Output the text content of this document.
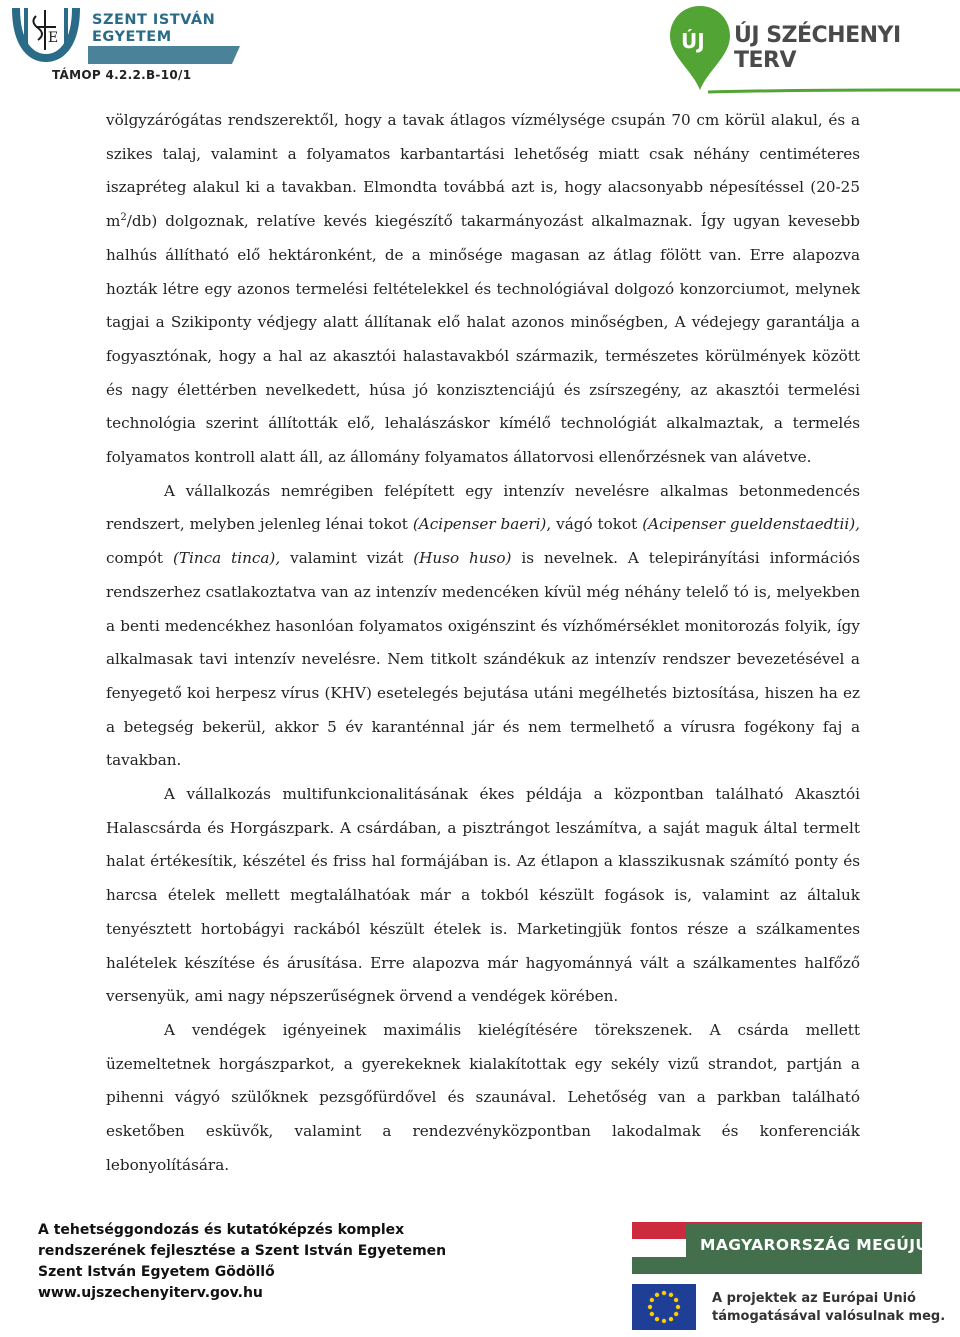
E
SZENT ISTVÁN
EGYETEM
TÁMOP 4.2.2.B-10/1
ÚJ ÚJ SZÉCHENYI TERV

völgyzárógátas rendszerektől, hogy a tavak átlagos vízmélysége csupán 70 cm körül alakul, és a szikes talaj, valamint a folyamatos karbantartási lehetőség miatt csak néhány centiméteres iszapréteg alakul ki a tavakban. Elmondta továbbá azt is, hogy alacsonyabb népesítéssel (20-25 $m^2/db$) dolgoznak, relatíve kevés kiegészítő takarmányozást alkalmaznak. Így ugyan kevesebb halhús állítható elő hektáronként, de a minősége magasan az átlag fölött van. Erre alapozva hozták létre egy azonos termelési feltételekkel és technológiával dolgozó konzorciumot, melynek tagjai a Szikiponty védjegy alatt állítanak elő halat azonos minőségben, A védejegy garantálja a fogyasztónak, hogy a hal az akasztói halastavakból származik, természetes körülmények között és nagy élettérben nevelkedett, húsa jó konzisztenciájú és zsírszegény, az akasztói termelési technológia szerint állították elő, lehalászáskor kímélő technológiát alkalmaztak, a termelés folyamatos kontroll alatt áll, az állomány folyamatos állatorvosi ellenőrzésnek van alávetve.

A vállalkozás nemrégiben felépített egy intenzív nevelésre alkalmas betonmedencés rendszert, melyben jelenleg lénai tokot (Acipenser baeri), vágó tokot (Acipenser gueldenstaedtii), compót (Tinca tinca), valamint vizát (Huso huso) is nevelnek. A telepirányítási információs rendszerhez csatlakoztatva van az intenzív medencéken kívül még néhány telelő tó is, melyekben a benti medencékhez hasonlóan folyamatos oxigénszint és vízhőmérséklet monitorozás folyik, így alkalmasak tavi intenzív nevelésre. Nem titkolt szándékuk az intenzív rendszer bevezetésével a fenyegető koi herpesz vírus (KHV) esetelegés bejutása utáni megélhetés biztosítása, hiszen ha ez a betegség bekerül, akkor 5 év karanténnal jár és nem termelhető a vírusra fogékony faj a tavakban.

A vállalkozás multifunkcionalitásának ékes példája a központban található Akasztói Halascsárda és Horgászpark. A csárdában, a pisztrángot leszámítva, a saját maguk által termelt halat értékesítik, készétel és friss hal formájában is. Az étlapon a klasszikusnak számító ponty és harcsa ételek mellett megtalálhatóak már a tokból készült fogások is, valamint az általuk tenyésztett hortobágyi rackából készült ételek is. Marketingjük fontos része a szálkamentes halételek készítése és árusítása. Erre alapozva már hagyománnyá vált a szálkamentes halfőző versenyük, ami nagy népszerűségnek örvend a vendégek körében.

A vendégek igényeinek maximális kielégítésére törekszenek. A csárda mellett üzemeltetnek horgászparkot, a gyerekeknek kialakítottak egy sekély vizű strandot, partján a pihenni vágyó szülőknek pezsgőfürdővel és szaunával. Lehetőség van a parkban található esketőben esküvők, valamint a rendezvényközpontban lakodalmak és konferenciák lebonyolítására.

A tehetséggondozás és kutatóképzés komplex
rendszerének fejlesztése a Szent István Egyetemen
Szent István Egyetem Gödöllő
www.ujszechenyiterv.gov.hu
MAGYARORSZÁG MEGÚJUL
A projektek az Európai Unió
támogatásával valósulnak meg.
